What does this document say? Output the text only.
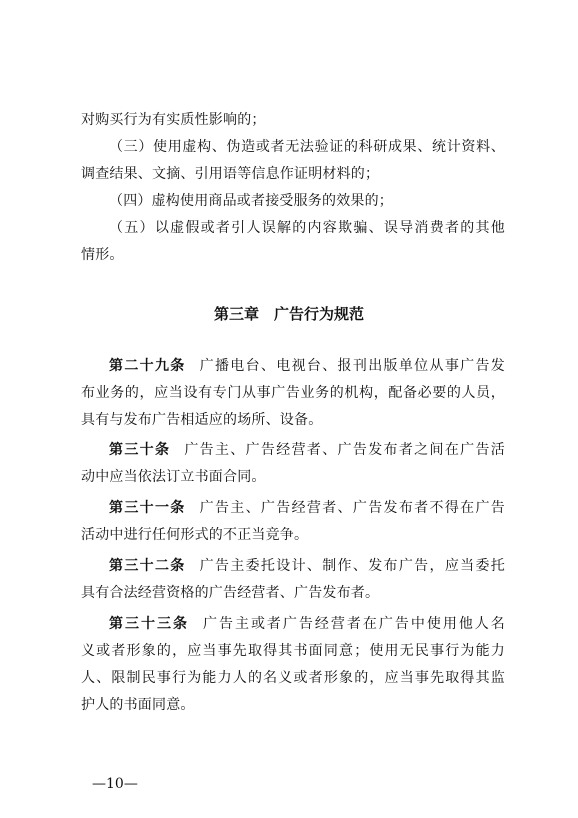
对购买行为有实质性影响的；
（三）使用虚构、伪造或者无法验证的科研成果、统计资料、
调查结果、文摘、引用语等信息作证明材料的；
（四）虚构使用商品或者接受服务的效果的；
（五）以虚假或者引人误解的内容欺骗、误导消费者的其他
情形。
第三章　广告行为规范
第二十九条 广播电台、电视台、报刊出版单位从事广告发
布业务的，应当设有专门从事广告业务的机构，配备必要的人员，
具有与发布广告相适应的场所、设备。
第三十条 广告主、广告经营者、广告发布者之间在广告活
动中应当依法订立书面合同。
第三十一条 广告主、广告经营者、广告发布者不得在广告
活动中进行任何形式的不正当竞争。
第三十二条 广告主委托设计、制作、发布广告，应当委托
具有合法经营资格的广告经营者、广告发布者。
第三十三条 广告主或者广告经营者在广告中使用他人名
义或者形象的，应当事先取得其书面同意；使用无民事行为能力
人、限制民事行为能力人的名义或者形象的，应当事先取得其监
护人的书面同意。
—10—
